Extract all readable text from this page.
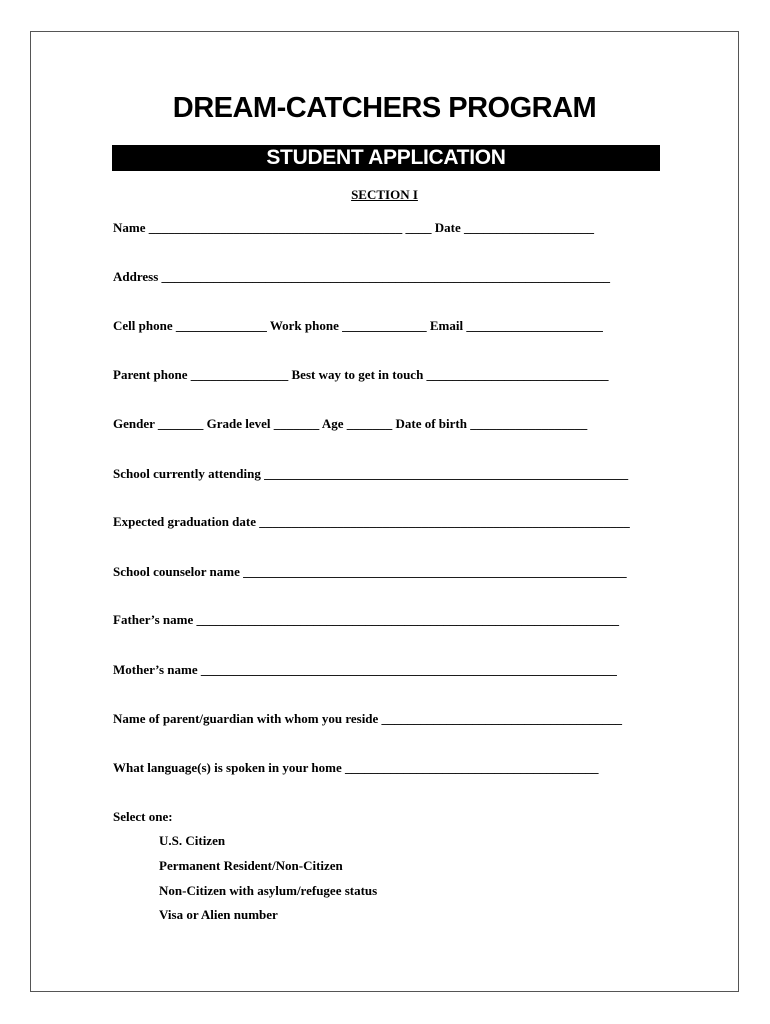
DREAM-CATCHERS PROGRAM
STUDENT APPLICATION
SECTION I
Name _______________________________________ ____ Date ____________________
Address _____________________________________________________________________
Cell phone ______________ Work phone _____________ Email _____________________
Parent phone _______________ Best way to get in touch ____________________________
Gender _______ Grade level _______ Age _______ Date of birth __________________
School currently attending ________________________________________________________
Expected graduation date _________________________________________________________
School counselor name ___________________________________________________________
Father’s name _________________________________________________________________
Mother’s name ________________________________________________________________
Name of parent/guardian with whom you reside _____________________________________
What language(s) is spoken in your home _______________________________________
Select one:
U.S. Citizen
Permanent Resident/Non-Citizen
Non-Citizen with asylum/refugee status
Visa or Alien number
